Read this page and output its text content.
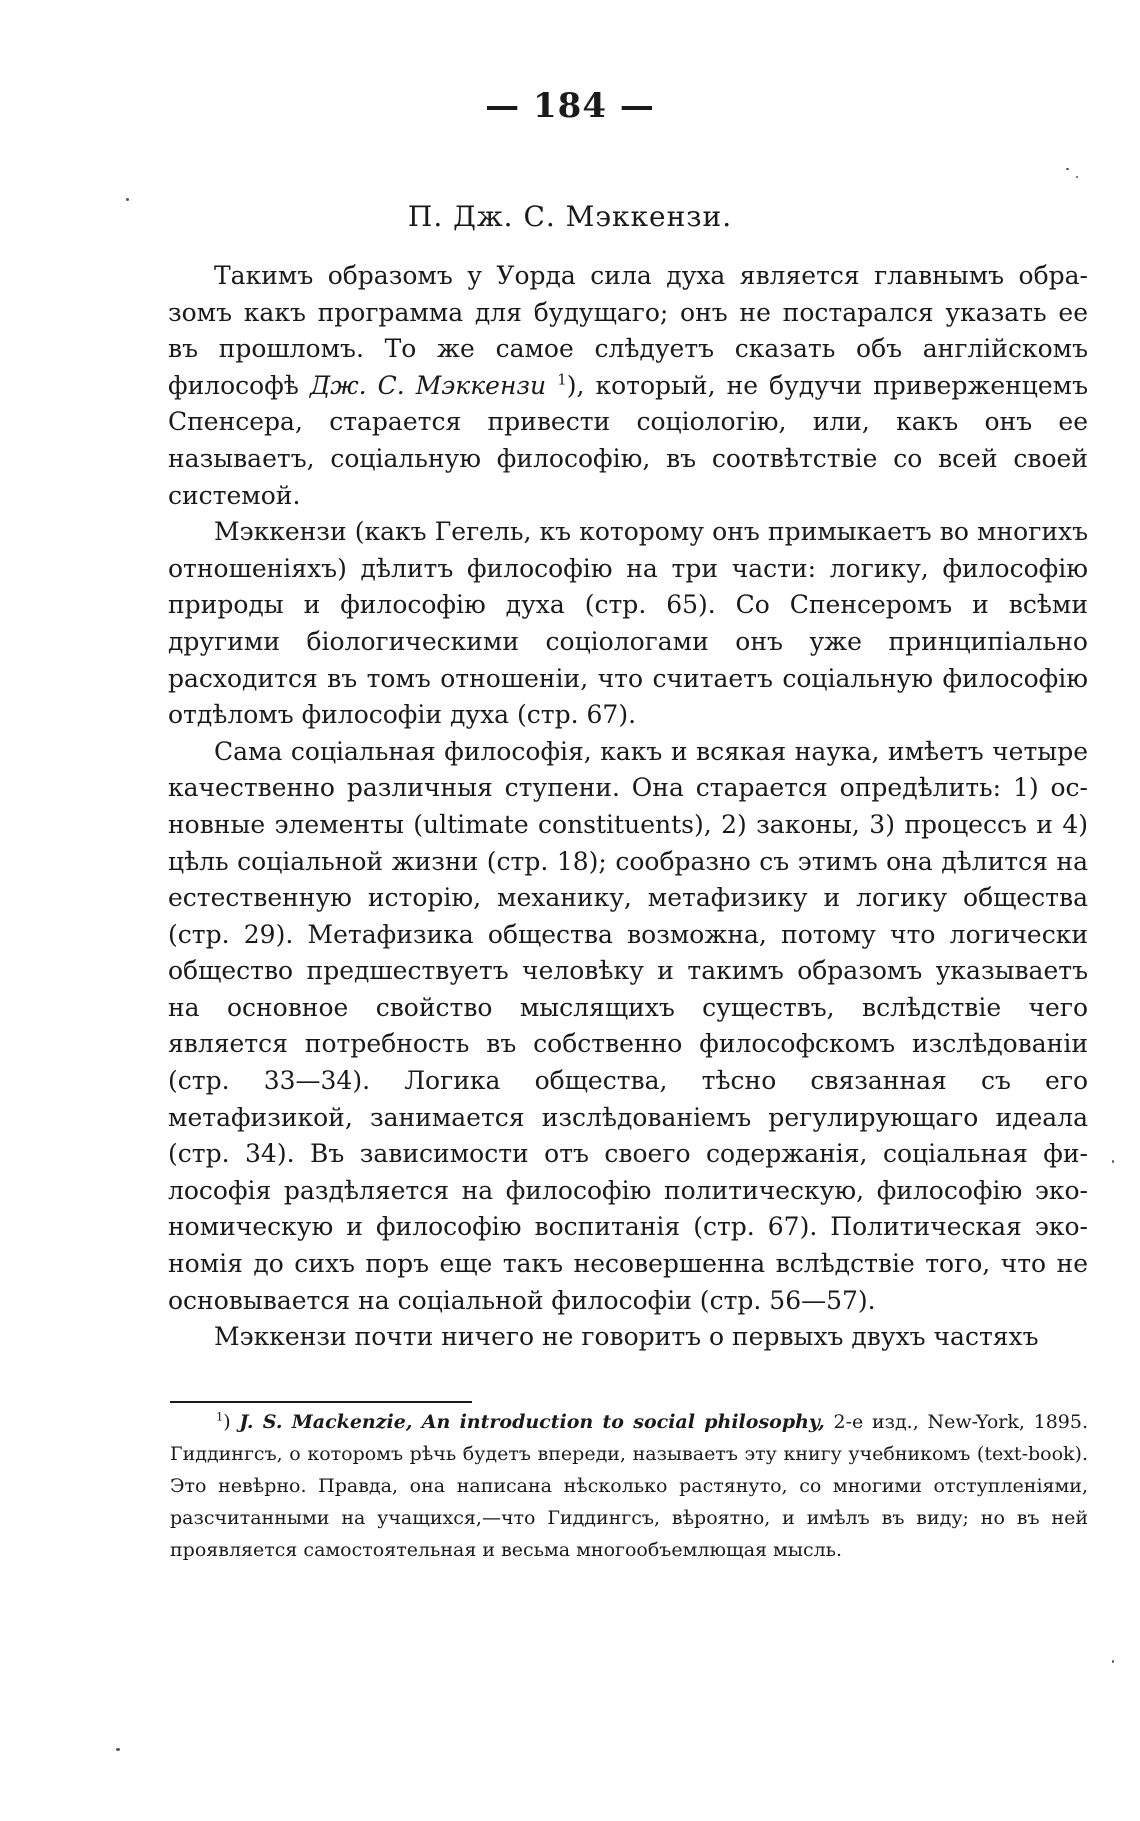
— 184 —
П. Дж. С. Мэккензи.

Такимъ образомъ у Уорда сила духа является главнымъ образомъ какъ программа для будущаго; онъ не постарался указать ее въ прошломъ. То же самое слѣдуетъ сказать объ англійскомъ философѣ Дж. С. Мэккензи $^1$), который, не будучи приверженцемъ Спенсера, старается привести соціологію, или, какъ онъ ее называетъ, соціальную философію, въ соотвѣтствіе со всей своей системой.

Мэккензи (какъ Гегель, къ которому онъ примыкаетъ во многихъ отношеніяхъ) дѣлитъ философію на три части: логику, философію природы и философію духа (стр. 65). Со Спенсеромъ и всѣми другими біологическими соціологами онъ уже принципіально расходится въ томъ отношеніи, что считаетъ соціальную философію отдѣломъ философіи духа (стр. 67).

Сама соціальная философія, какъ и всякая наука, имѣетъ четыре качественно различныя ступени. Она старается опредѣлить: 1) основные элементы (ultimate constituents), 2) законы, 3) процессъ и 4) цѣль соціальной жизни (стр. 18); сообразно съ этимъ она дѣлится на естественную исторію, механику, метафизику и логику общества (стр. 29). Метафизика общества возможна, потому что логически общество предшествуетъ человѣку и такимъ образомъ указываетъ на основное свойство мыслящихъ существъ, вслѣдствіе чего является потребность въ собственно философскомъ изслѣдованіи (стр. 33—34). Логика общества, тѣсно связанная съ его метафизикой, занимается изслѣдованіемъ регулирующаго идеала (стр. 34). Въ зависимости отъ своего содержанія, соціальная философія раздѣляется на философію политическую, философію экономическую и философію воспитанія (стр. 67). Политическая экономія до сихъ поръ еще такъ несовершенна вслѣдствіе того, что не основывается на соціальной философіи (стр. 56—57).

Мэккензи почти ничего не говоритъ о первыхъ двухъ частяхъ

$^1$) J. S. Mackenzie, An introduction to social philosophy, 2-е изд., New-York, 1895. Гиддингсъ, о которомъ рѣчь будетъ впереди, называетъ эту книгу учебникомъ (text-book). Это невѣрно. Правда, она написана нѣсколько растянуто, со многими отступленіями, разсчитанными на учащихся,—что Гиддингсъ, вѣроятно, и имѣлъ въ виду; но въ ней проявляется самостоятельная и весьма многообъемлющая мысль.
